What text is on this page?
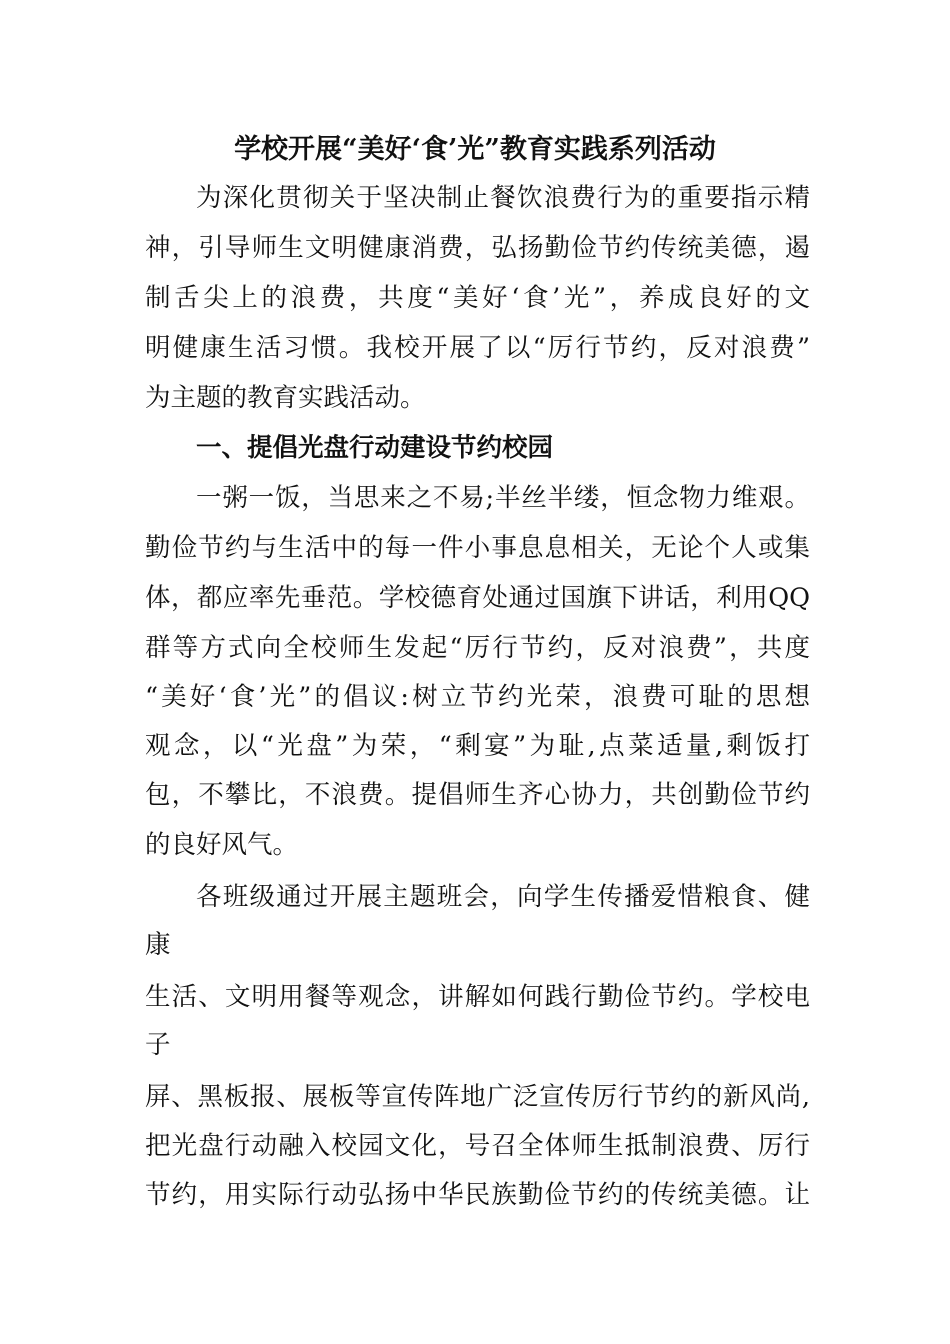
学校开展“美好‘食’光”教育实践系列活动
为深化贯彻关于坚决制止餐饮浪费行为的重要指示精
神，引导师生文明健康消费，弘扬勤俭节约传统美德，遏
制舌尖上的浪费，共度“美好‘食’光”，养成良好的文
明健康生活习惯。我校开展了以“厉行节约，反对浪费”
为主题的教育实践活动。
一、提倡光盘行动建设节约校园
一粥一饭，当思来之不易;半丝半缕，恒念物力维艰。
勤俭节约与生活中的每一件小事息息相关，无论个人或集
体，都应率先垂范。学校德育处通过国旗下讲话，利用QQ
群等方式向全校师生发起“厉行节约，反对浪费”，共度
“美好‘食’光”的倡议:树立节约光荣，浪费可耻的思想
观念，以“光盘”为荣，“剩宴”为耻,点菜适量,剩饭打
包，不攀比，不浪费。提倡师生齐心协力，共创勤俭节约
的良好风气。
各班级通过开展主题班会，向学生传播爱惜粮食、健
康
生活、文明用餐等观念，讲解如何践行勤俭节约。学校电
子
屏、黑板报、展板等宣传阵地广泛宣传厉行节约的新风尚,
把光盘行动融入校园文化，号召全体师生抵制浪费、厉行
节约，用实际行动弘扬中华民族勤俭节约的传统美德。让
